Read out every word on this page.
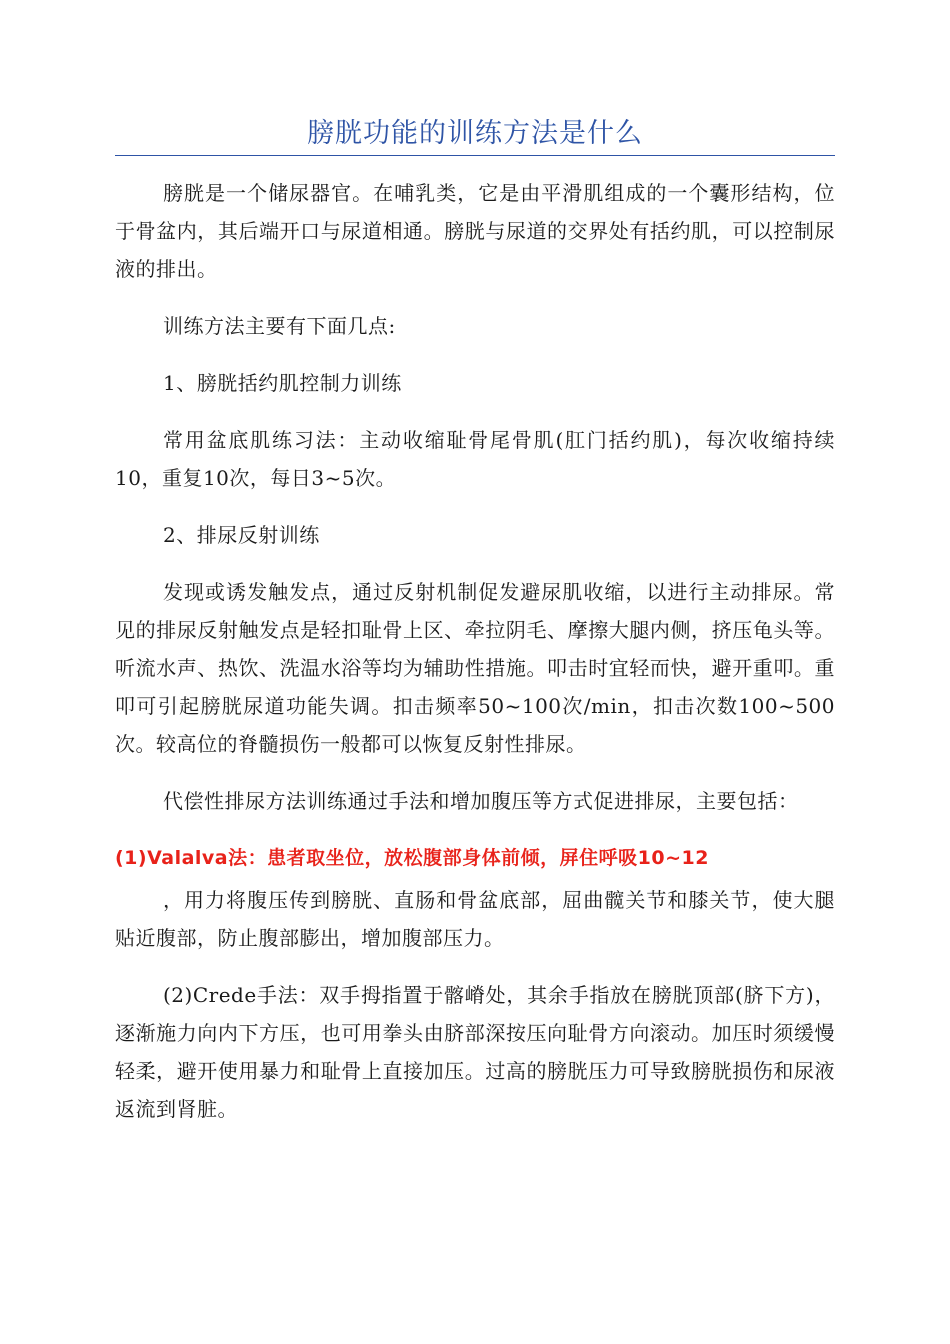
膀胱功能的训练方法是什么

膀胱是一个储尿器官。在哺乳类，它是由平滑肌组成的一个囊形结构，位于骨盆内，其后端开口与尿道相通。膀胱与尿道的交界处有括约肌，可以控制尿液的排出。

训练方法主要有下面几点:

1、膀胱括约肌控制力训练

常用盆底肌练习法：主动收缩耻骨尾骨肌(肛门括约肌)，每次收缩持续10，重复10次，每日3~5次。

2、排尿反射训练

发现或诱发触发点，通过反射机制促发避尿肌收缩，以进行主动排尿。常见的排尿反射触发点是轻扣耻骨上区、牵拉阴毛、摩擦大腿内侧，挤压龟头等。听流水声、热饮、洗温水浴等均为辅助性措施。叩击时宜轻而快，避开重叩。重叩可引起膀胱尿道功能失调。扣击频率50~100次/min，扣击次数100~500次。较高位的脊髓损伤一般都可以恢复反射性排尿。

代偿性排尿方法训练通过手法和增加腹压等方式促进排尿，主要包括：

(1)Valalva法：患者取坐位，放松腹部身体前倾，屏住呼吸10~12

，用力将腹压传到膀胱、直肠和骨盆底部，屈曲髋关节和膝关节，使大腿贴近腹部，防止腹部膨出，增加腹部压力。

(2)Crede手法：双手拇指置于髂嵴处，其余手指放在膀胱顶部(脐下方)，逐渐施力向内下方压，也可用拳头由脐部深按压向耻骨方向滚动。加压时须缓慢轻柔，避开使用暴力和耻骨上直接加压。过高的膀胱压力可导致膀胱损伤和尿液返流到肾脏。
